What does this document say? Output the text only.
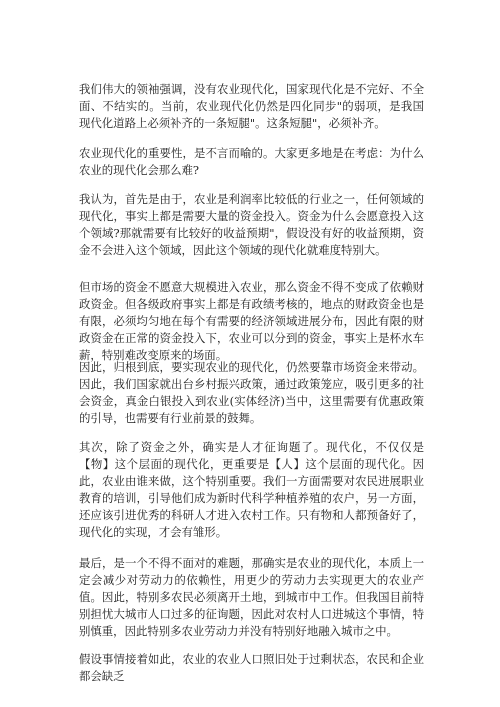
我们伟大的领袖强调，没有农业现代化，国家现代化是不完好、不全面、不结实的。当前，农业现代化仍然是四化同步"的弱项，是我国现代化道路上必须补齐的一条短腿"。这条短腿"，必须补齐。

农业现代化的重要性，是不言而喻的。大家更多地是在考虑：为什么农业的现代化会那么难?

我认为，首先是由于，农业是利润率比较低的行业之一，任何领域的现代化，事实上都是需要大量的资金投入。资金为什么会愿意投入这个领域?那就需要有比较好的收益预期"，假设没有好的收益预期，资金不会进入这个领域，因此这个领域的现代化就难度特别大。

但市场的资金不愿意大规模进入农业，那么资金不得不变成了依赖财政资金。但各级政府事实上都是有政绩考核的，地点的财政资金也是有限，必须均匀地在每个有需要的经济领域进展分布，因此有限的财政资金在正常的资金投入下，农业可以分到的资金，事实上是杯水车薪，特别难改变原来的场面。

因此，归根到底，要实现农业的现代化，仍然要靠市场资金来带动。因此，我们国家就出台乡村振兴政策，通过政策笼应，吸引更多的社会资金，真金白银投入到农业(实体经济)当中，这里需要有优惠政策的引导，也需要有行业前景的鼓舞。

其次，除了资金之外，确实是人才征询题了。现代化，不仅仅是【物】这个层面的现代化，更重要是【人】这个层面的现代化。因此，农业由谁来做，这个特别重要。我们一方面需要对农民进展职业教育的培训，引导他们成为新时代科学种植养殖的农户，另一方面，还应该引进优秀的科研人才进入农村工作。只有物和人都预备好了，现代化的实现，才会有雏形。

最后，是一个不得不面对的难题，那确实是农业的现代化，本质上一定会减少对劳动力的依赖性，用更少的劳动力去实现更大的农业产值。因此，特别多农民必须离开土地，到城市中工作。但我国目前特别担忧大城市人口过多的征询题，因此对农村人口进城这个事情，特别慎重，因此特别多农业劳动力并没有特别好地融入城市之中。

假设事情接着如此，农业的农业人口照旧处于过剩状态，农民和企业都会缺乏
